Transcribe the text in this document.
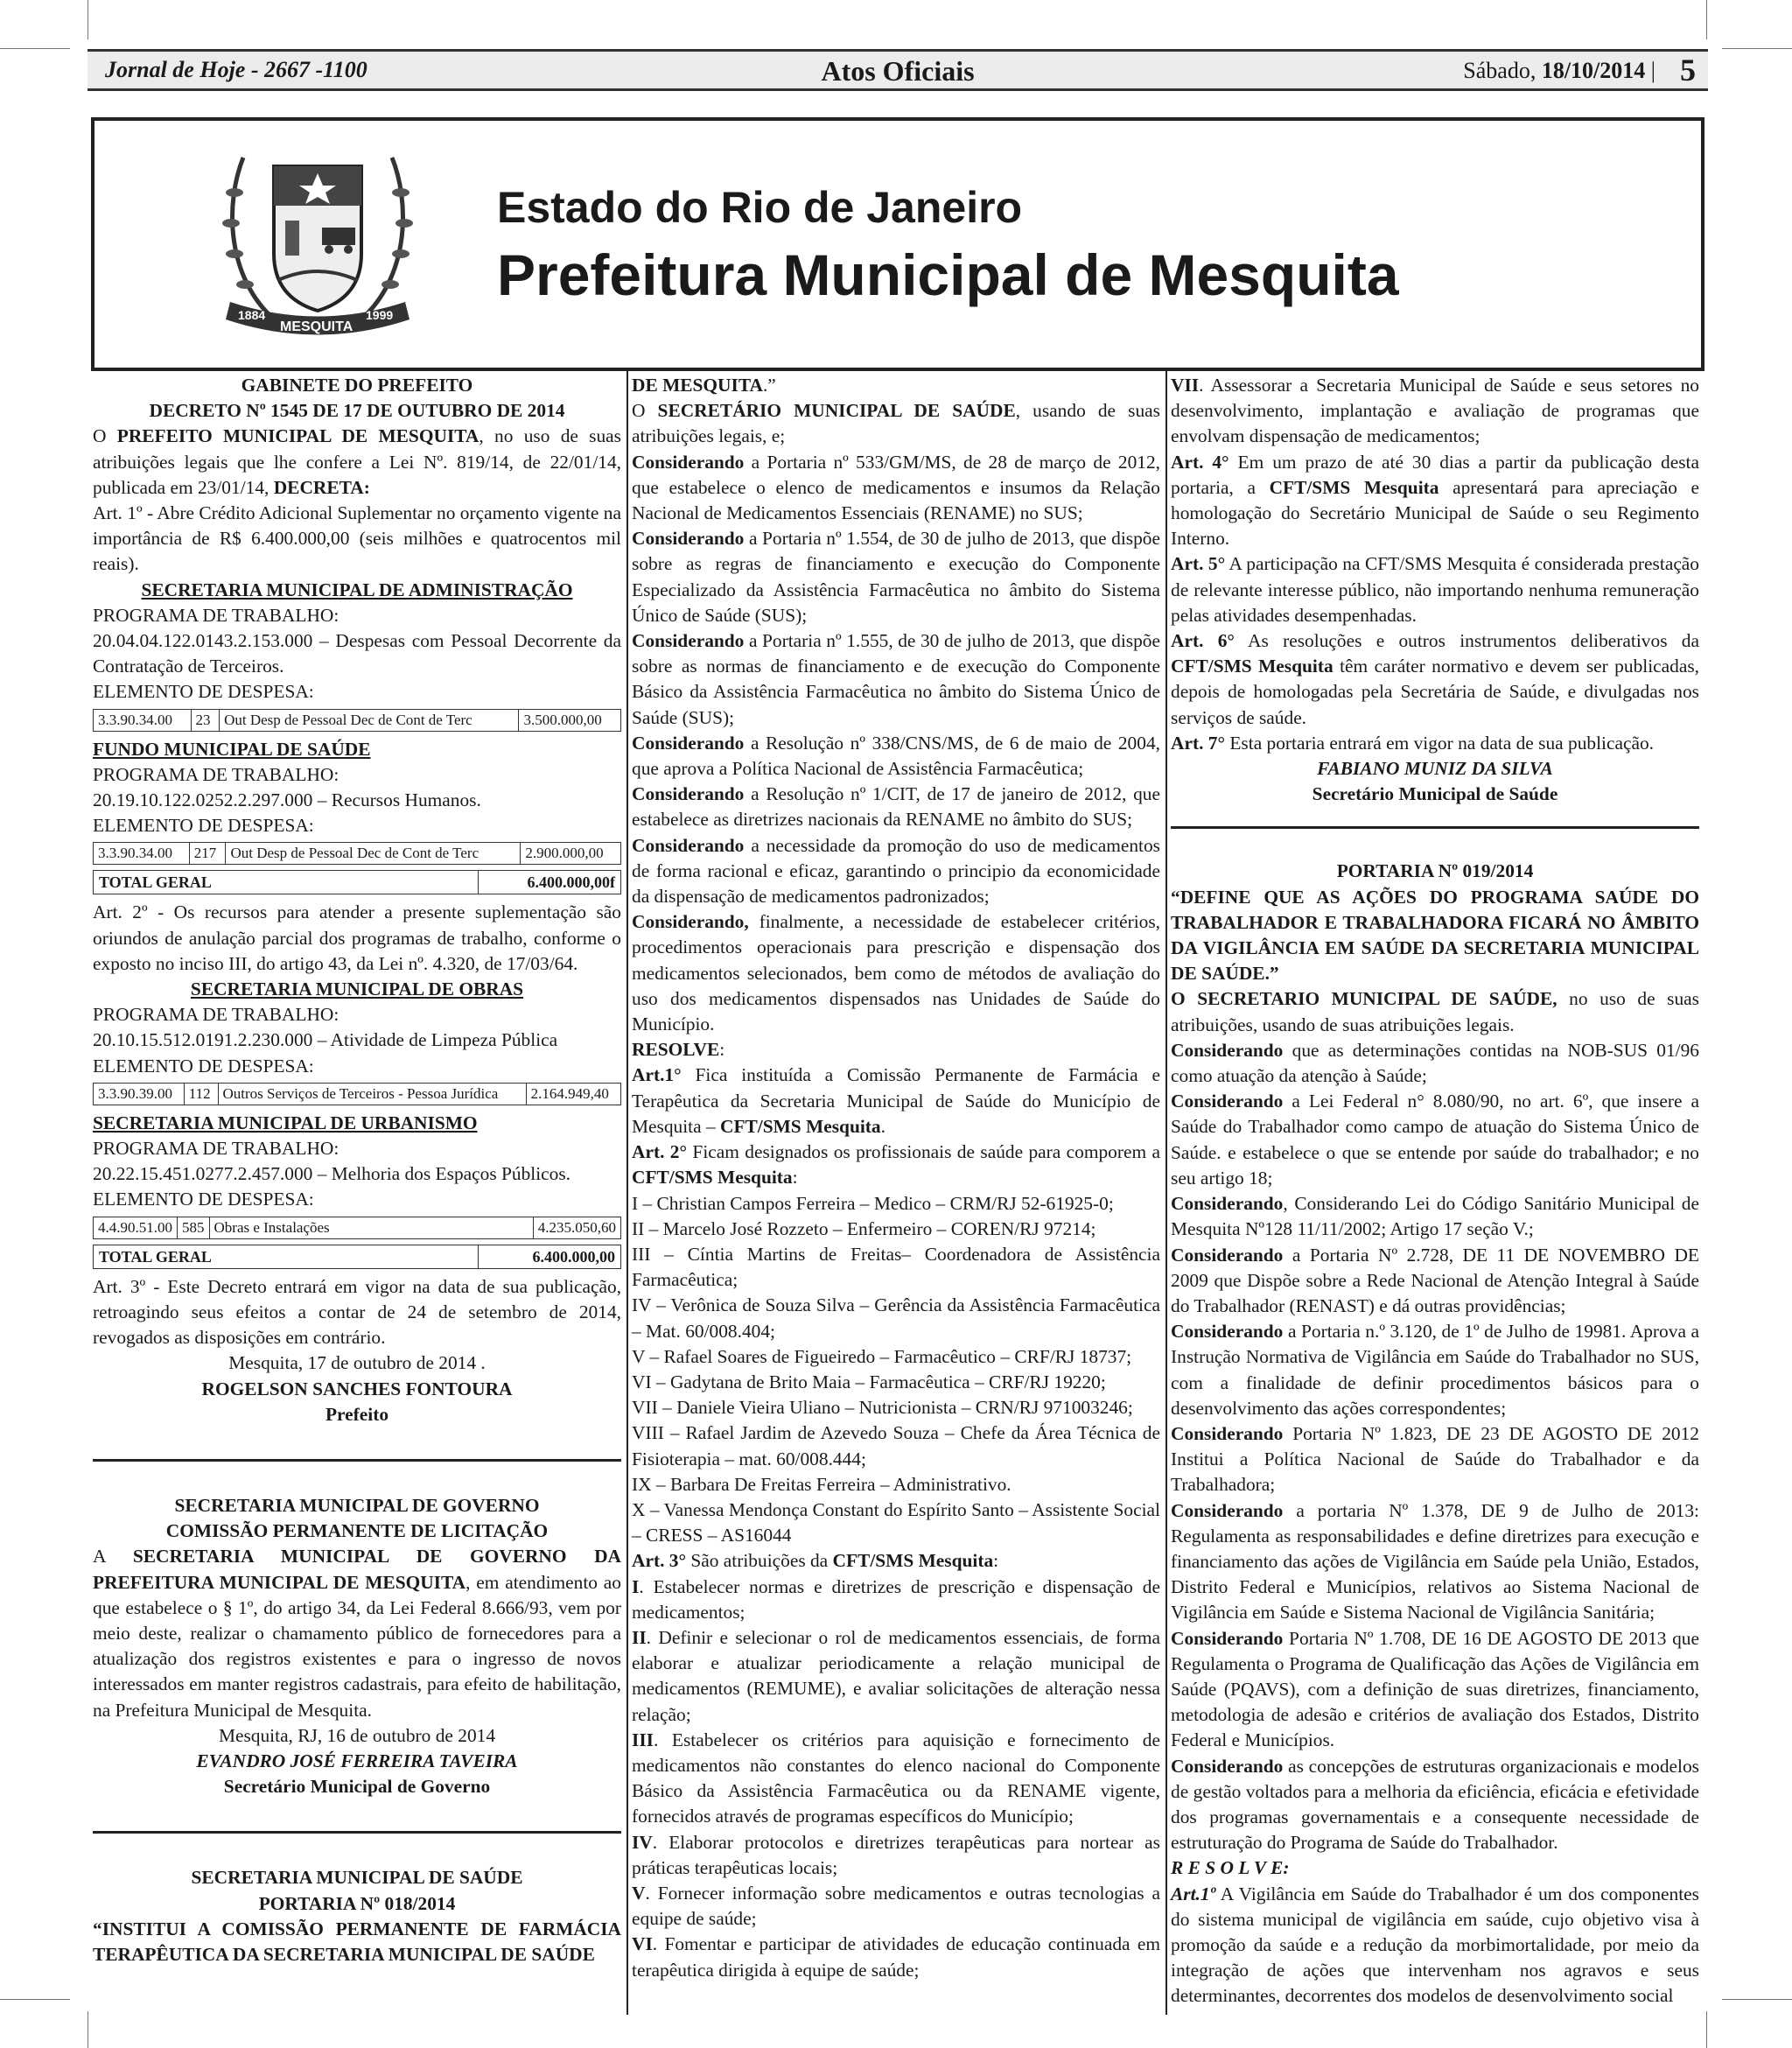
Jornal de Hoje - 2667 -1100	Atos Oficiais	Sábado, 18/10/2014 | 5
1884
MESQUITA
1999
Estado do Rio de Janeiro
Prefeitura Municipal de Mesquita

GABINETE DO PREFEITO

DECRETO Nº 1545 DE 17 DE OUTUBRO DE 2014

O PREFEITO MUNICIPAL DE MESQUITA, no uso de suas atribuições legais que lhe confere a Lei Nº. 819/14, de 22/01/14, publicada em 23/01/14, DECRETA:

Art. 1º - Abre Crédito Adicional Suplementar no orçamento vigente na importância de R$ 6.400.000,00 (seis milhões e quatrocentos mil reais).

SECRETARIA MUNICIPAL DE ADMINISTRAÇÃO

PROGRAMA DE TRABALHO:

20.04.04.122.0143.2.153.000 – Despesas com Pessoal Decorrente da Contratação de Terceiros.

ELEMENTO DE DESPESA:

3.3.90.34.00	23	Out Desp de Pessoal Dec de Cont de Terc	3.500.000,00

FUNDO MUNICIPAL DE SAÚDE

PROGRAMA DE TRABALHO:

20.19.10.122.0252.2.297.000 – Recursos Humanos.

ELEMENTO DE DESPESA:

3.3.90.34.00	217	Out Desp de Pessoal Dec de Cont de Terc	2.900.000,00
TOTAL GERAL	6.400.000,00f

Art. 2º - Os recursos para atender a presente suplementação são oriundos de anulação parcial dos programas de trabalho, conforme o exposto no inciso III, do artigo 43, da Lei nº. 4.320, de 17/03/64.

SECRETARIA MUNICIPAL DE OBRAS

PROGRAMA DE TRABALHO:

20.10.15.512.0191.2.230.000 – Atividade de Limpeza Pública

ELEMENTO DE DESPESA:

3.3.90.39.00	112	Outros Serviços de Terceiros - Pessoa Jurídica	2.164.949,40

SECRETARIA MUNICIPAL DE URBANISMO

PROGRAMA DE TRABALHO:

20.22.15.451.0277.2.457.000 – Melhoria dos Espaços Públicos.

ELEMENTO DE DESPESA:

4.4.90.51.00	585	Obras e Instalações	4.235.050,60
TOTAL GERAL	6.400.000,00

Art. 3º - Este Decreto entrará em vigor na data de sua publicação, retroagindo seus efeitos a contar de 24 de setembro de 2014, revogados as disposições em contrário.

Mesquita, 17 de outubro de 2014 .

ROGELSON SANCHES FONTOURA

Prefeito

SECRETARIA MUNICIPAL DE GOVERNO

COMISSÃO PERMANENTE DE LICITAÇÃO

A SECRETARIA MUNICIPAL DE GOVERNO DA PREFEITURA MUNICIPAL DE MESQUITA, em atendimento ao que estabelece o § 1º, do artigo 34, da Lei Federal 8.666/93, vem por meio deste, realizar o chamamento público de fornecedores para a atualização dos registros existentes e para o ingresso de novos interessados em manter registros cadastrais, para efeito de habilitação, na Prefeitura Municipal de Mesquita.

Mesquita, RJ, 16 de outubro de 2014

EVANDRO JOSÉ FERREIRA TAVEIRA

Secretário Municipal de Governo

SECRETARIA MUNICIPAL DE SAÚDE

PORTARIA Nº 018/2014

“INSTITUI A COMISSÃO PERMANENTE DE FARMÁCIA TERAPÊUTICA DA SECRETARIA MUNICIPAL DE SAÚDE

DE MESQUITA.”

O SECRETÁRIO MUNICIPAL DE SAÚDE, usando de suas atribuições legais, e;

Considerando a Portaria nº 533/GM/MS, de 28 de março de 2012, que estabelece o elenco de medicamentos e insumos da Relação Nacional de Medicamentos Essenciais (RENAME) no SUS;

Considerando a Portaria nº 1.554, de 30 de julho de 2013, que dispõe sobre as regras de financiamento e execução do Componente Especializado da Assistência Farmacêutica no âmbito do Sistema Único de Saúde (SUS);

Considerando a Portaria nº 1.555, de 30 de julho de 2013, que dispõe sobre as normas de financiamento e de execução do Componente Básico da Assistência Farmacêutica no âmbito do Sistema Único de Saúde (SUS);

Considerando a Resolução nº 338/CNS/MS, de 6 de maio de 2004, que aprova a Política Nacional de Assistência Farmacêutica;

Considerando a Resolução nº 1/CIT, de 17 de janeiro de 2012, que estabelece as diretrizes nacionais da RENAME no âmbito do SUS;

Considerando a necessidade da promoção do uso de medicamentos de forma racional e eficaz, garantindo o principio da economicidade da dispensação de medicamentos padronizados;

Considerando, finalmente, a necessidade de estabelecer critérios, procedimentos operacionais para prescrição e dispensação dos medicamentos selecionados, bem como de métodos de avaliação do uso dos medicamentos dispensados nas Unidades de Saúde do Município.

RESOLVE:

Art.1° Fica instituída a Comissão Permanente de Farmácia e Terapêutica da Secretaria Municipal de Saúde do Município de Mesquita – CFT/SMS Mesquita.

Art. 2° Ficam designados os profissionais de saúde para comporem a CFT/SMS Mesquita:

I – Christian Campos Ferreira – Medico – CRM/RJ 52-61925-0;

II – Marcelo José Rozzeto – Enfermeiro – COREN/RJ 97214;

III – Cíntia Martins de Freitas– Coordenadora de Assistência Farmacêutica;

IV – Verônica de Souza Silva – Gerência da Assistência Farmacêutica – Mat. 60/008.404;

V – Rafael Soares de Figueiredo – Farmacêutico – CRF/RJ 18737;

VI – Gadytana de Brito Maia – Farmacêutica – CRF/RJ 19220;

VII – Daniele Vieira Uliano – Nutricionista – CRN/RJ 971003246;

VIII – Rafael Jardim de Azevedo Souza – Chefe da Área Técnica de Fisioterapia – mat. 60/008.444;

IX – Barbara De Freitas Ferreira – Administrativo.

X – Vanessa Mendonça Constant do Espírito Santo – Assistente Social – CRESS – AS16044

Art. 3° São atribuições da CFT/SMS Mesquita:

I. Estabelecer normas e diretrizes de prescrição e dispensação de medicamentos;

II. Definir e selecionar o rol de medicamentos essenciais, de forma elaborar e atualizar periodicamente a relação municipal de medicamentos (REMUME), e avaliar solicitações de alteração nessa relação;

III. Estabelecer os critérios para aquisição e fornecimento de medicamentos não constantes do elenco nacional do Componente Básico da Assistência Farmacêutica ou da RENAME vigente, fornecidos através de programas específicos do Município;

IV. Elaborar protocolos e diretrizes terapêuticas para nortear as práticas terapêuticas locais;

V. Fornecer informação sobre medicamentos e outras tecnologias a equipe de saúde;

VI. Fomentar e participar de atividades de educação continuada em terapêutica dirigida à equipe de saúde;

VII. Assessorar a Secretaria Municipal de Saúde e seus setores no desenvolvimento, implantação e avaliação de programas que envolvam dispensação de medicamentos;

Art. 4° Em um prazo de até 30 dias a partir da publicação desta portaria, a CFT/SMS Mesquita apresentará para apreciação e homologação do Secretário Municipal de Saúde o seu Regimento Interno.

Art. 5° A participação na CFT/SMS Mesquita é considerada prestação de relevante interesse público, não importando nenhuma remuneração pelas atividades desempenhadas.

Art. 6° As resoluções e outros instrumentos deliberativos da CFT/SMS Mesquita têm caráter normativo e devem ser publicadas, depois de homologadas pela Secretária de Saúde, e divulgadas nos serviços de saúde.

Art. 7° Esta portaria entrará em vigor na data de sua publicação.

FABIANO MUNIZ DA SILVA

Secretário Municipal de Saúde

PORTARIA Nº 019/2014

“DEFINE QUE AS AÇÕES DO PROGRAMA SAÚDE DO TRABALHADOR E TRABALHADORA FICARÁ NO ÂMBITO DA VIGILÂNCIA EM SAÚDE DA SECRETARIA MUNICIPAL DE SAÚDE.”

O SECRETARIO MUNICIPAL DE SAÚDE, no uso de suas atribuições, usando de suas atribuições legais.

Considerando que as determinações contidas na NOB-SUS 01/96 como atuação da atenção à Saúde;

Considerando a Lei Federal n° 8.080/90, no art. 6º, que insere a Saúde do Trabalhador como campo de atuação do Sistema Único de Saúde. e estabelece o que se entende por saúde do trabalhador; e no seu artigo 18;

Considerando, Considerando Lei do Código Sanitário Municipal de Mesquita Nº128 11/11/2002; Artigo 17 seção V.;

Considerando a Portaria Nº 2.728, DE 11 DE NOVEMBRO DE 2009 que Dispõe sobre a Rede Nacional de Atenção Integral à Saúde do Trabalhador (RENAST) e dá outras providências;

Considerando a Portaria n.º 3.120, de 1º de Julho de 19981. Aprova a Instrução Normativa de Vigilância em Saúde do Trabalhador no SUS, com a finalidade de definir procedimentos básicos para o desenvolvimento das ações correspondentes;

Considerando Portaria Nº 1.823, DE 23 DE AGOSTO DE 2012 Institui a Política Nacional de Saúde do Trabalhador e da Trabalhadora;

Considerando a portaria Nº 1.378, DE 9 de Julho de 2013: Regulamenta as responsabilidades e define diretrizes para execução e financiamento das ações de Vigilância em Saúde pela União, Estados, Distrito Federal e Municípios, relativos ao Sistema Nacional de Vigilância em Saúde e Sistema Nacional de Vigilância Sanitária;

Considerando Portaria Nº 1.708, DE 16 DE AGOSTO DE 2013 que Regulamenta o Programa de Qualificação das Ações de Vigilância em Saúde (PQAVS), com a definição de suas diretrizes, financiamento, metodologia de adesão e critérios de avaliação dos Estados, Distrito Federal e Municípios.

Considerando as concepções de estruturas organizacionais e modelos de gestão voltados para a melhoria da eficiência, eficácia e efetividade dos programas governamentais e a consequente necessidade de estruturação do Programa de Saúde do Trabalhador.

R E S O L V E:

Art.1º A Vigilância em Saúde do Trabalhador é um dos componentes do sistema municipal de vigilância em saúde, cujo objetivo visa à promoção da saúde e a redução da morbimortalidade, por meio da integração de ações que intervenham nos agravos e seus determinantes, decorrentes dos modelos de desenvolvimento social
